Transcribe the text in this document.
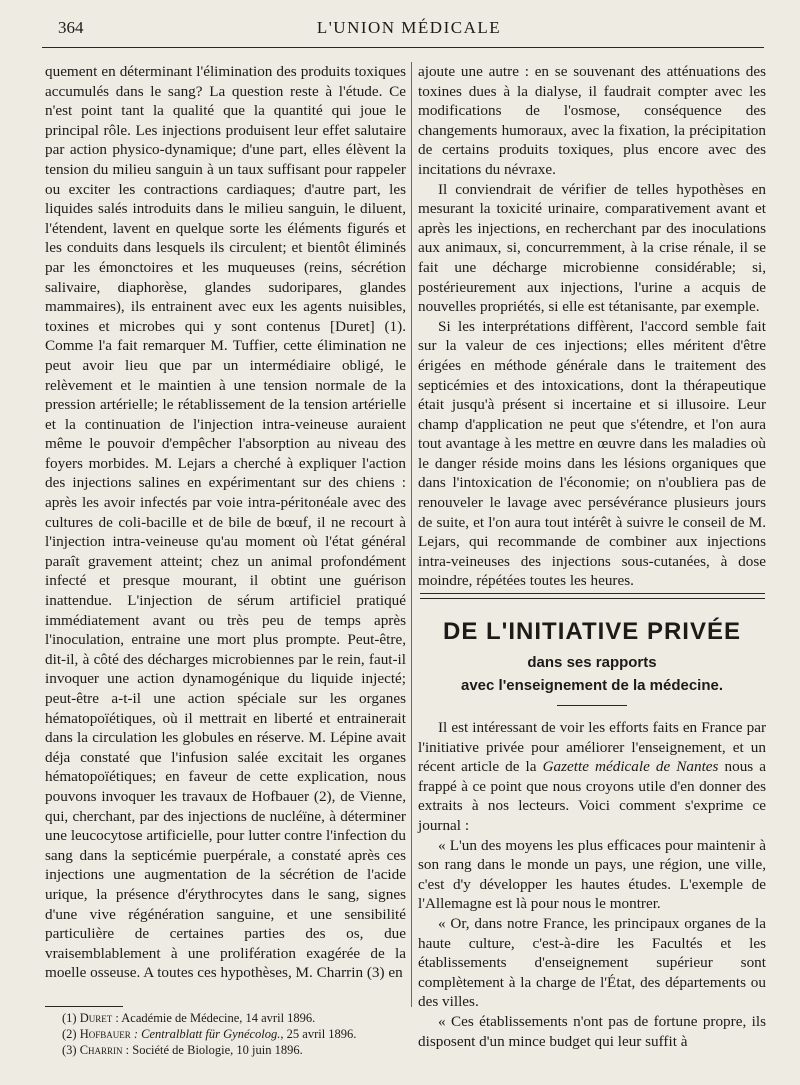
364	L'UNION MÉDICALE

quement en déterminant l'élimination des produits toxiques accumulés dans le sang? La question reste à l'étude. Ce n'est point tant la qualité que la quantité qui joue le principal rôle. Les injections produisent leur effet salutaire par action physico-dynamique; d'une part, elles élèvent la tension du milieu sanguin à un taux suffisant pour rappeler ou exciter les contractions cardiaques; d'autre part, les liquides salés introduits dans le milieu sanguin, le diluent, l'étendent, lavent en quelque sorte les éléments figurés et les conduits dans lesquels ils circulent; et bientôt éliminés par les émonctoires et les muqueuses (reins, sécrétion salivaire, diaphorèse, glandes sudoripares, glandes mammaires), ils entrainent avec eux les agents nuisibles, toxines et microbes qui y sont contenus [Duret] (1). Comme l'a fait remarquer M. Tuffier, cette élimination ne peut avoir lieu que par un intermédiaire obligé, le relèvement et le maintien à une tension normale de la pression artérielle; le rétablissement de la tension artérielle et la continuation de l'injection intra-veineuse auraient même le pouvoir d'empêcher l'absorption au niveau des foyers morbides. M. Lejars a cherché à expliquer l'action des injections salines en expérimentant sur des chiens : après les avoir infectés par voie intra-péritonéale avec des cultures de coli-bacille et de bile de bœuf, il ne recourt à l'injection intra-veineuse qu'au moment où l'état général paraît gravement atteint; chez un animal profondément infecté et presque mourant, il obtint une guérison inattendue. L'injection de sérum artificiel pratiqué immédiatement avant ou très peu de temps après l'inoculation, entraine une mort plus prompte. Peut-être, dit-il, à côté des décharges microbiennes par le rein, faut-il invoquer une action dynamogénique du liquide injecté; peut-être a-t-il une action spéciale sur les organes hématopoïétiques, où il mettrait en liberté et entrainerait dans la circulation les globules en réserve. M. Lépine avait déja constaté que l'infusion salée excitait les organes hématopoïétiques; en faveur de cette explication, nous pouvons invoquer les travaux de Hofbauer (2), de Vienne, qui, cherchant, par des injections de nucléïne, à déterminer une leucocytose artificielle, pour lutter contre l'infection du sang dans la septicémie puerpérale, a constaté après ces injections une augmentation de la sécrétion de l'acide urique, la présence d'érythrocytes dans le sang, signes d'une vive régénération sanguine, et une sensibilité particulière de certaines parties des os, due vraisemblablement à une prolifération exagérée de la moelle osseuse. A toutes ces hypothèses, M. Charrin (3) en

ajoute une autre : en se souvenant des atténuations des toxines dues à la dialyse, il faudrait compter avec les modifications de l'osmose, conséquence des changements humoraux, avec la fixation, la précipitation de certains produits toxiques, plus encore avec des incitations du névraxe.

Il conviendrait de vérifier de telles hypothèses en mesurant la toxicité urinaire, comparativement avant et après les injections, en recherchant par des inoculations aux animaux, si, concurremment, à la crise rénale, il se fait une décharge microbienne considérable; si, postérieurement aux injections, l'urine a acquis de nouvelles propriétés, si elle est tétanisante, par exemple.

Si les interprétations diffèrent, l'accord semble fait sur la valeur de ces injections; elles méritent d'être érigées en méthode générale dans le traitement des septicémies et des intoxications, dont la thérapeutique était jusqu'à présent si incertaine et si illusoire. Leur champ d'application ne peut que s'étendre, et l'on aura tout avantage à les mettre en œuvre dans les maladies où le danger réside moins dans les lésions organiques que dans l'intoxication de l'économie; on n'oubliera pas de renouveler le lavage avec persévérance plusieurs jours de suite, et l'on aura tout intérêt à suivre le conseil de M. Lejars, qui recommande de combiner aux injections intra-veineuses des injections sous-cutanées, à dose moindre, répétées toutes les heures.

DE L'INITIATIVE PRIVÉE
dans ses rapports
avec l'enseignement de la médecine.

Il est intéressant de voir les efforts faits en France par l'initiative privée pour améliorer l'enseignement, et un récent article de la Gazette médicale de Nantes nous a frappé à ce point que nous croyons utile d'en donner des extraits à nos lecteurs. Voici comment s'exprime ce journal :

« L'un des moyens les plus efficaces pour maintenir à son rang dans le monde un pays, une région, une ville, c'est d'y développer les hautes études. L'exemple de l'Allemagne est là pour nous le montrer.

« Or, dans notre France, les principaux organes de la haute culture, c'est-à-dire les Facultés et les établissements d'enseignement supérieur sont complètement à la charge de l'État, des départements ou des villes.

« Ces établissements n'ont pas de fortune propre, ils disposent d'un mince budget qui leur suffit à

(1) Duret : Académie de Médecine, 14 avril 1896.
(2) Hofbauer : Centralblatt für Gynécolog., 25 avril 1896.
(3) Charrin : Société de Biologie, 10 juin 1896.
